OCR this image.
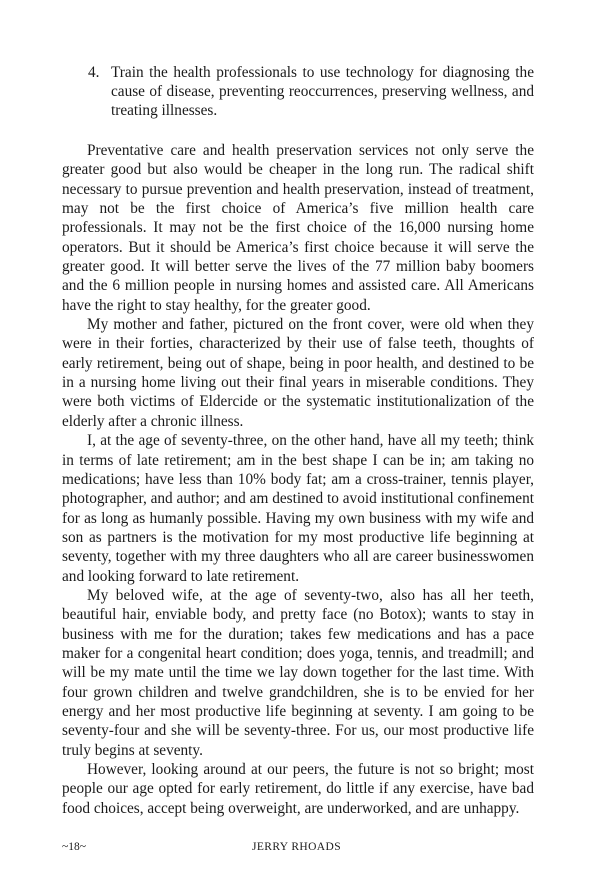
4. Train the health professionals to use technology for diagnosing the cause of disease, preventing reoccurrences, preserving wellness, and treating illnesses.

Preventative care and health preservation services not only serve the greater good but also would be cheaper in the long run. The radical shift necessary to pursue prevention and health preservation, instead of treatment, may not be the first choice of America’s five million health care professionals. It may not be the first choice of the 16,000 nursing home operators. But it should be America’s first choice because it will serve the greater good. It will better serve the lives of the 77 million baby boomers and the 6 million people in nursing homes and assisted care. All Americans have the right to stay healthy, for the greater good.

My mother and father, pictured on the front cover, were old when they were in their forties, characterized by their use of false teeth, thoughts of early retirement, being out of shape, being in poor health, and destined to be in a nursing home living out their final years in miserable conditions. They were both victims of Eldercide or the systematic institutionalization of the elderly after a chronic illness.

I, at the age of seventy-three, on the other hand, have all my teeth; think in terms of late retirement; am in the best shape I can be in; am taking no medications; have less than 10% body fat; am a cross-trainer, tennis player, photographer, and author; and am destined to avoid institutional confinement for as long as humanly possible. Having my own business with my wife and son as partners is the motivation for my most productive life beginning at seventy, together with my three daughters who all are career businesswomen and looking forward to late retirement.

My beloved wife, at the age of seventy-two, also has all her teeth, beautiful hair, enviable body, and pretty face (no Botox); wants to stay in business with me for the duration; takes few medications and has a pace maker for a congenital heart condition; does yoga, tennis, and treadmill; and will be my mate until the time we lay down together for the last time. With four grown children and twelve grandchildren, she is to be envied for her energy and her most productive life beginning at seventy. I am going to be seventy-four and she will be seventy-three. For us, our most productive life truly begins at seventy.

However, looking around at our peers, the future is not so bright; most people our age opted for early retirement, do little if any exercise, have bad food choices, accept being overweight, are underworked, and are unhappy.

~18~	JERRY RHOADS
